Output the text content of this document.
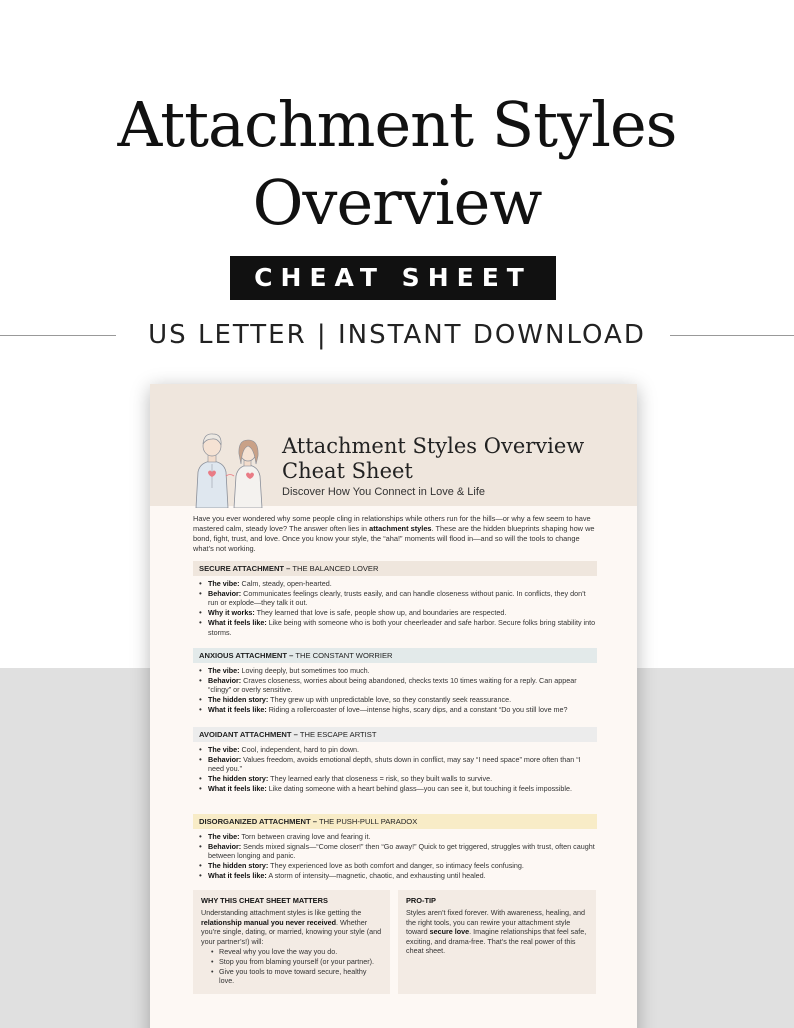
Attachment Styles
Overview
CHEAT SHEET
US LETTER | INSTANT DOWNLOAD
Attachment Styles Overview
Cheat Sheet
Discover How You Connect in Love & Life

Have you ever wondered why some people cling in relationships while others run for the hills—or why a few seem to have mastered calm, steady love? The answer often lies in attachment styles. These are the hidden blueprints shaping how we bond, fight, trust, and love. Once you know your style, the “aha!” moments will flood in—and so will the tools to change what’s not working.

SECURE ATTACHMENT – THE BALANCED LOVER
• The vibe: Calm, steady, open-hearted.
• Behavior: Communicates feelings clearly, trusts easily, and can handle closeness without panic. In conflicts, they don’t run or explode—they talk it out.
• Why it works: They learned that love is safe, people show up, and boundaries are respected.
• What it feels like: Like being with someone who is both your cheerleader and safe harbor. Secure folks bring stability into storms.
ANXIOUS ATTACHMENT – THE CONSTANT WORRIER
• The vibe: Loving deeply, but sometimes too much.
• Behavior: Craves closeness, worries about being abandoned, checks texts 10 times waiting for a reply. Can appear “clingy” or overly sensitive.
• The hidden story: They grew up with unpredictable love, so they constantly seek reassurance.
• What it feels like: Riding a rollercoaster of love—intense highs, scary dips, and a constant “Do you still love me?
AVOIDANT ATTACHMENT – THE ESCAPE ARTIST
• The vibe: Cool, independent, hard to pin down.
• Behavior: Values freedom, avoids emotional depth, shuts down in conflict, may say “I need space” more often than “I need you.”
• The hidden story: They learned early that closeness = risk, so they built walls to survive.
• What it feels like: Like dating someone with a heart behind glass—you can see it, but touching it feels impossible.
DISORGANIZED ATTACHMENT – THE PUSH-PULL PARADOX
• The vibe: Torn between craving love and fearing it.
• Behavior: Sends mixed signals—“Come closer!” then “Go away!” Quick to get triggered, struggles with trust, often caught between longing and panic.
• The hidden story: They experienced love as both comfort and danger, so intimacy feels confusing.
• What it feels like: A storm of intensity—magnetic, chaotic, and exhausting until healed.
WHY THIS CHEAT SHEET MATTERS

Understanding attachment styles is like getting the relationship manual you never received. Whether you’re single, dating, or married, knowing your style (and your partner’s!) will:

• Reveal why you love the way you do.
• Stop you from blaming yourself (or your partner).
• Give you tools to move toward secure, healthy love.
PRO-TIP

Styles aren’t fixed forever. With awareness, healing, and the right tools, you can rewire your attachment style toward secure love. Imagine relationships that feel safe, exciting, and drama-free. That’s the real power of this cheat sheet.
